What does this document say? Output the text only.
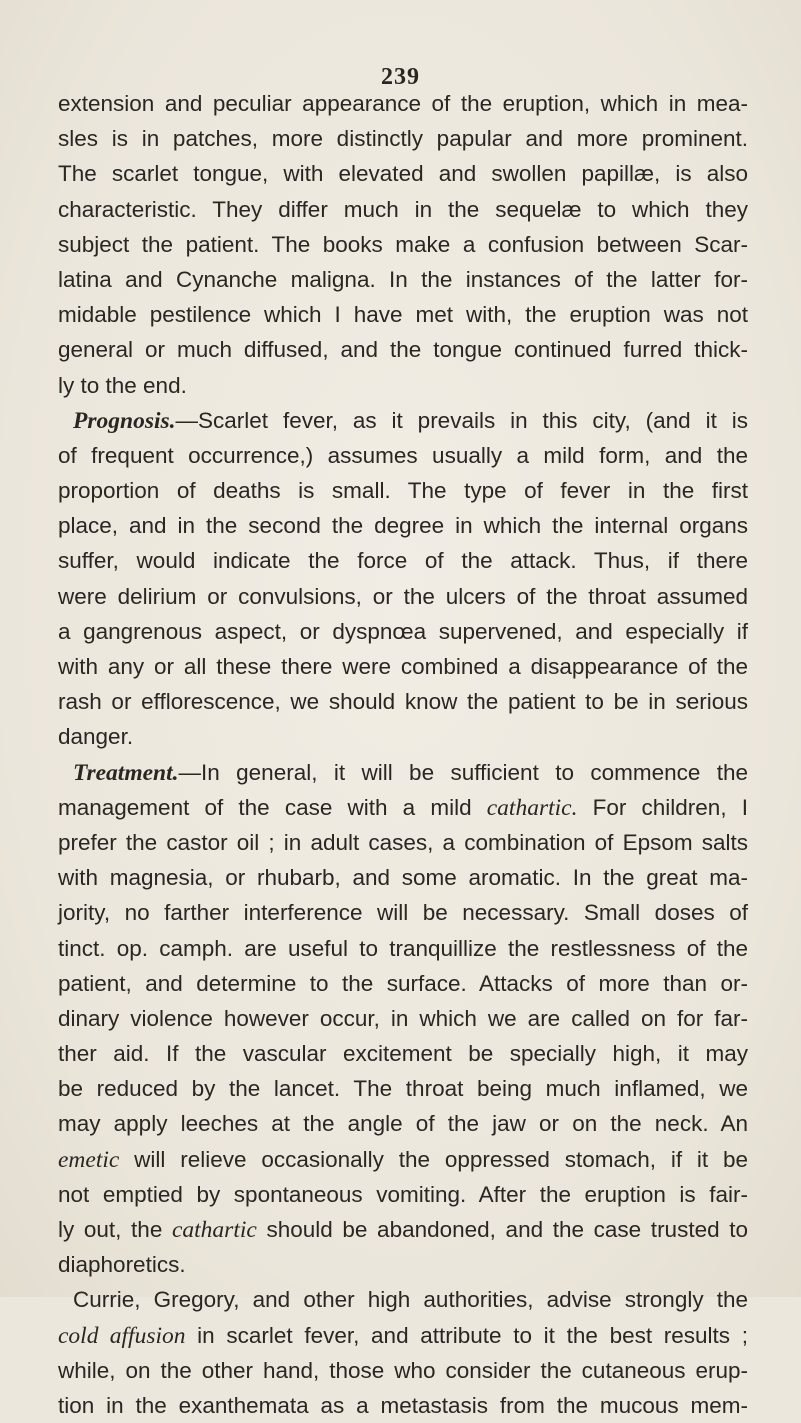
239
extension and peculiar appearance of the eruption, which in mea-
sles is in patches, more distinctly papular and more prominent.
The scarlet tongue, with elevated and swollen papillæ, is also
characteristic. They differ much in the sequelæ to which they
subject the patient. The books make a confusion between Scar-
latina and Cynanche maligna. In the instances of the latter for-
midable pestilence which I have met with, the eruption was not
general or much diffused, and the tongue continued furred thick-
ly to the end.
Prognosis.—Scarlet fever, as it prevails in this city, (and it is
of frequent occurrence,) assumes usually a mild form, and the
proportion of deaths is small. The type of fever in the first
place, and in the second the degree in which the internal organs
suffer, would indicate the force of the attack. Thus, if there
were delirium or convulsions, or the ulcers of the throat assumed
a gangrenous aspect, or dyspnœa supervened, and especially if
with any or all these there were combined a disappearance of the
rash or efflorescence, we should know the patient to be in serious
danger.
Treatment.—In general, it will be sufficient to commence the
management of the case with a mild cathartic. For children, I
prefer the castor oil ; in adult cases, a combination of Epsom salts
with magnesia, or rhubarb, and some aromatic. In the great ma-
jority, no farther interference will be necessary. Small doses of
tinct. op. camph. are useful to tranquillize the restlessness of the
patient, and determine to the surface. Attacks of more than or-
dinary violence however occur, in which we are called on for far-
ther aid. If the vascular excitement be specially high, it may
be reduced by the lancet. The throat being much inflamed, we
may apply leeches at the angle of the jaw or on the neck. An
emetic will relieve occasionally the oppressed stomach, if it be
not emptied by spontaneous vomiting. After the eruption is fair-
ly out, the cathartic should be abandoned, and the case trusted to
diaphoretics.
Currie, Gregory, and other high authorities, advise strongly the
cold affusion in scarlet fever, and attribute to it the best results ;
while, on the other hand, those who consider the cutaneous erup-
tion in the exanthemata as a metastasis from the mucous mem-
